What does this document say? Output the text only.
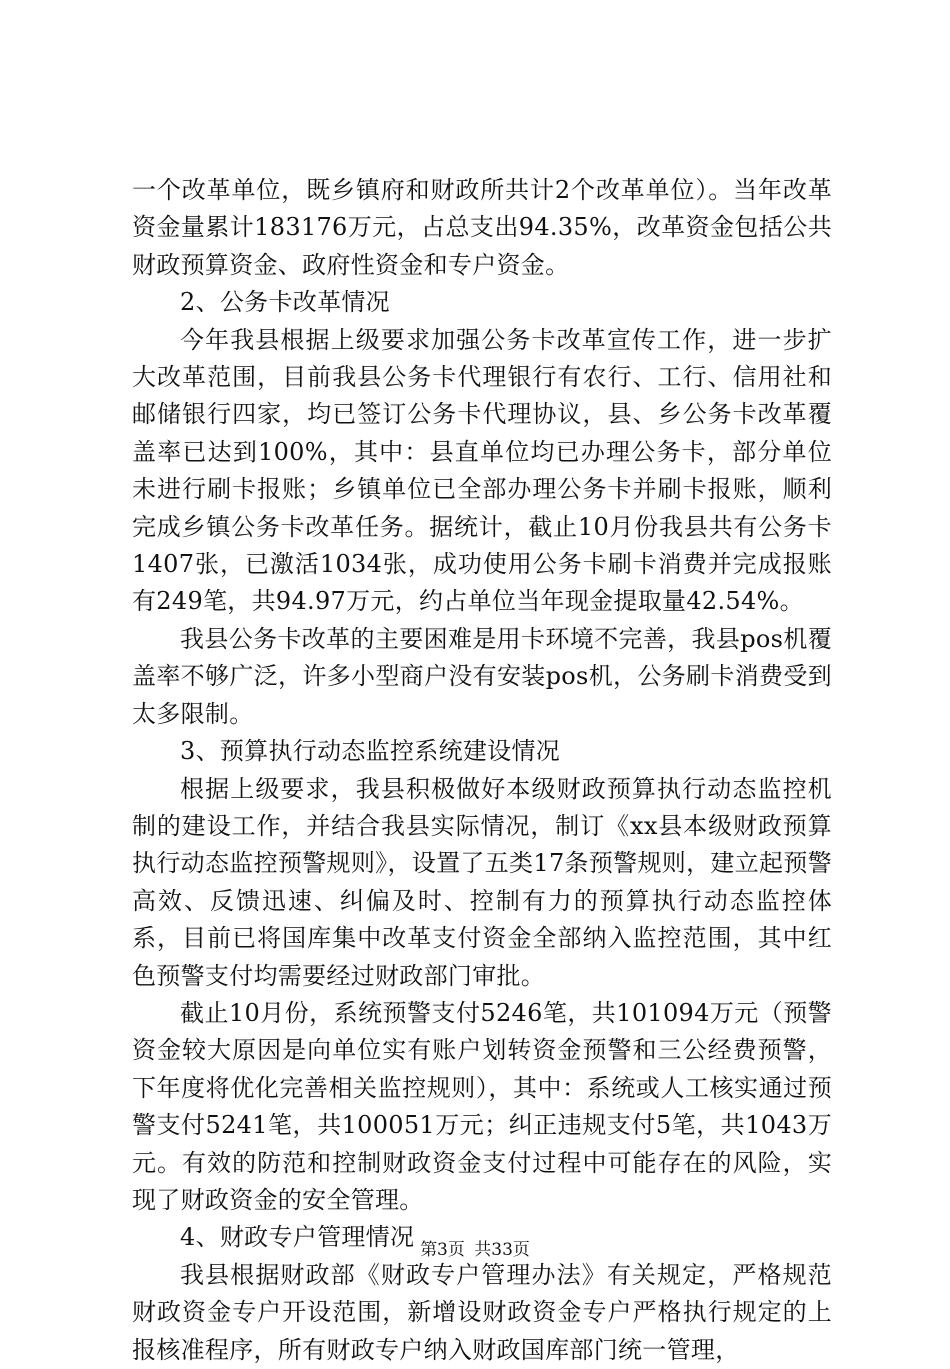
一个改革单位，既乡镇府和财政所共计2个改革单位）。当年改革资金量累计183176万元，占总支出94.35%，改革资金包括公共财政预算资金、政府性资金和专户资金。

2、公务卡改革情况

今年我县根据上级要求加强公务卡改革宣传工作，进一步扩大改革范围，目前我县公务卡代理银行有农行、工行、信用社和邮储银行四家，均已签订公务卡代理协议，县、乡公务卡改革覆盖率已达到100%，其中：县直单位均已办理公务卡，部分单位未进行刷卡报账；乡镇单位已全部办理公务卡并刷卡报账，顺利完成乡镇公务卡改革任务。据统计，截止10月份我县共有公务卡1407张，已激活1034张，成功使用公务卡刷卡消费并完成报账有249笔，共94.97万元，约占单位当年现金提取量42.54%。

我县公务卡改革的主要困难是用卡环境不完善，我县pos机覆盖率不够广泛，许多小型商户没有安装pos机，公务刷卡消费受到太多限制。

3、预算执行动态监控系统建设情况

根据上级要求，我县积极做好本级财政预算执行动态监控机制的建设工作，并结合我县实际情况，制订《xx县本级财政预算执行动态监控预警规则》，设置了五类17条预警规则，建立起预警高效、反馈迅速、纠偏及时、控制有力的预算执行动态监控体系，目前已将国库集中改革支付资金全部纳入监控范围，其中红色预警支付均需要经过财政部门审批。

截止10月份，系统预警支付5246笔，共101094万元（预警资金较大原因是向单位实有账户划转资金预警和三公经费预警，下年度将优化完善相关监控规则），其中：系统或人工核实通过预警支付5241笔，共100051万元；纠正违规支付5笔，共1043万元。有效的防范和控制财政资金支付过程中可能存在的风险，实现了财政资金的安全管理。

4、财政专户管理情况

我县根据财政部《财政专户管理办法》有关规定，严格规范财政资金专户开设范围，新增设财政资金专户严格执行规定的上报核准程序，所有财政专户纳入财政国库部门统一管理，

第3页 共33页
